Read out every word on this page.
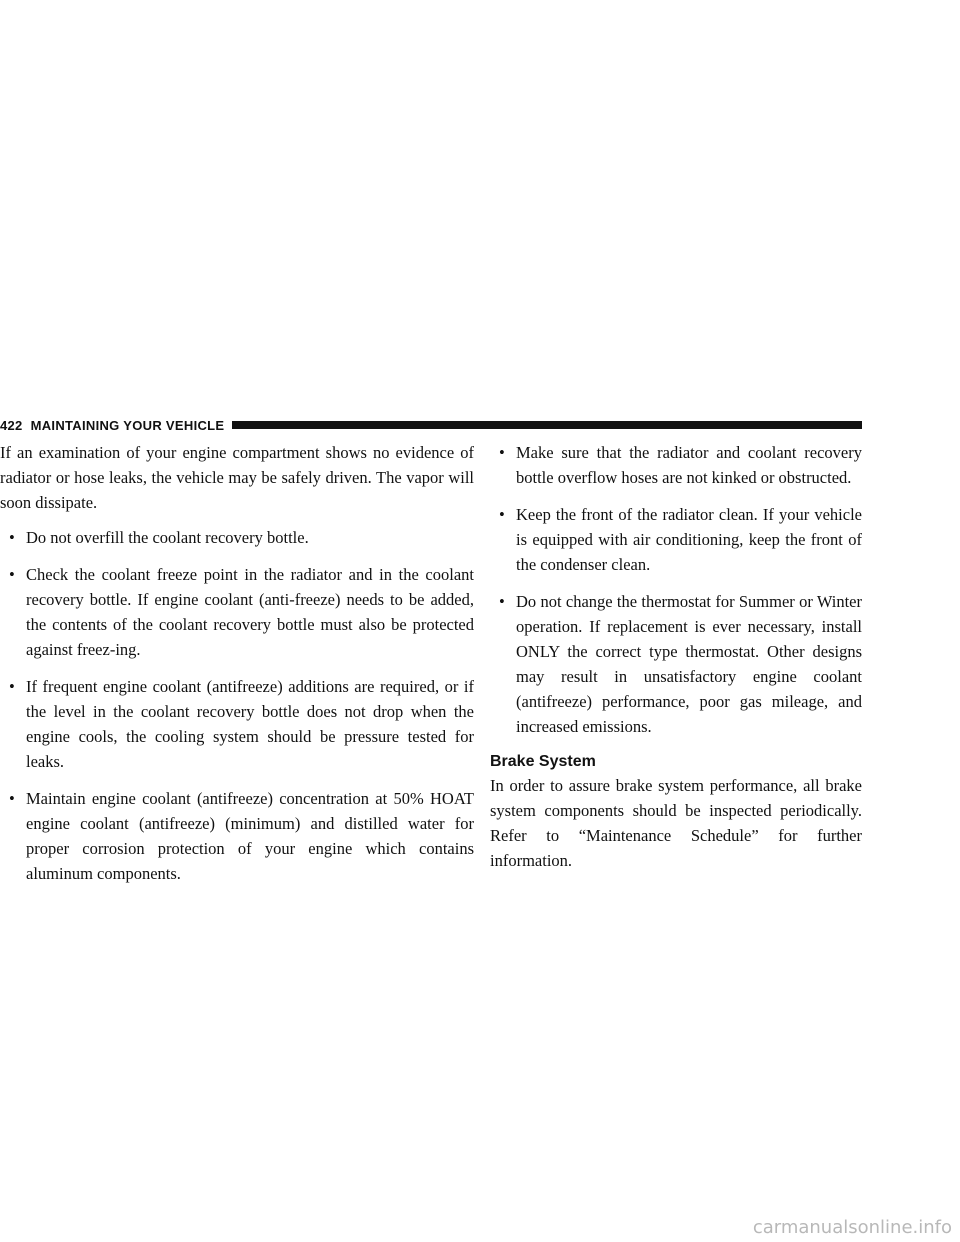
422 MAINTAINING YOUR VEHICLE

If an examination of your engine compartment shows no evidence of radiator or hose leaks, the vehicle may be safely driven. The vapor will soon dissipate.

• Do not overfill the coolant recovery bottle.
• Check the coolant freeze point in the radiator and in the coolant recovery bottle. If engine coolant (anti-freeze) needs to be added, the contents of the coolant recovery bottle must also be protected against freez-ing.
• If frequent engine coolant (antifreeze) additions are required, or if the level in the coolant recovery bottle does not drop when the engine cools, the cooling system should be pressure tested for leaks.
• Maintain engine coolant (antifreeze) concentration at 50% HOAT engine coolant (antifreeze) (minimum) and distilled water for proper corrosion protection of your engine which contains aluminum components.
• Make sure that the radiator and coolant recovery bottle overflow hoses are not kinked or obstructed.
• Keep the front of the radiator clean. If your vehicle is equipped with air conditioning, keep the front of the condenser clean.
• Do not change the thermostat for Summer or Winter operation. If replacement is ever necessary, install ONLY the correct type thermostat. Other designs may result in unsatisfactory engine coolant (antifreeze) performance, poor gas mileage, and increased emissions.
Brake System

In order to assure brake system performance, all brake system components should be inspected periodically. Refer to “Maintenance Schedule” for further information.

carmanualsonline.info
